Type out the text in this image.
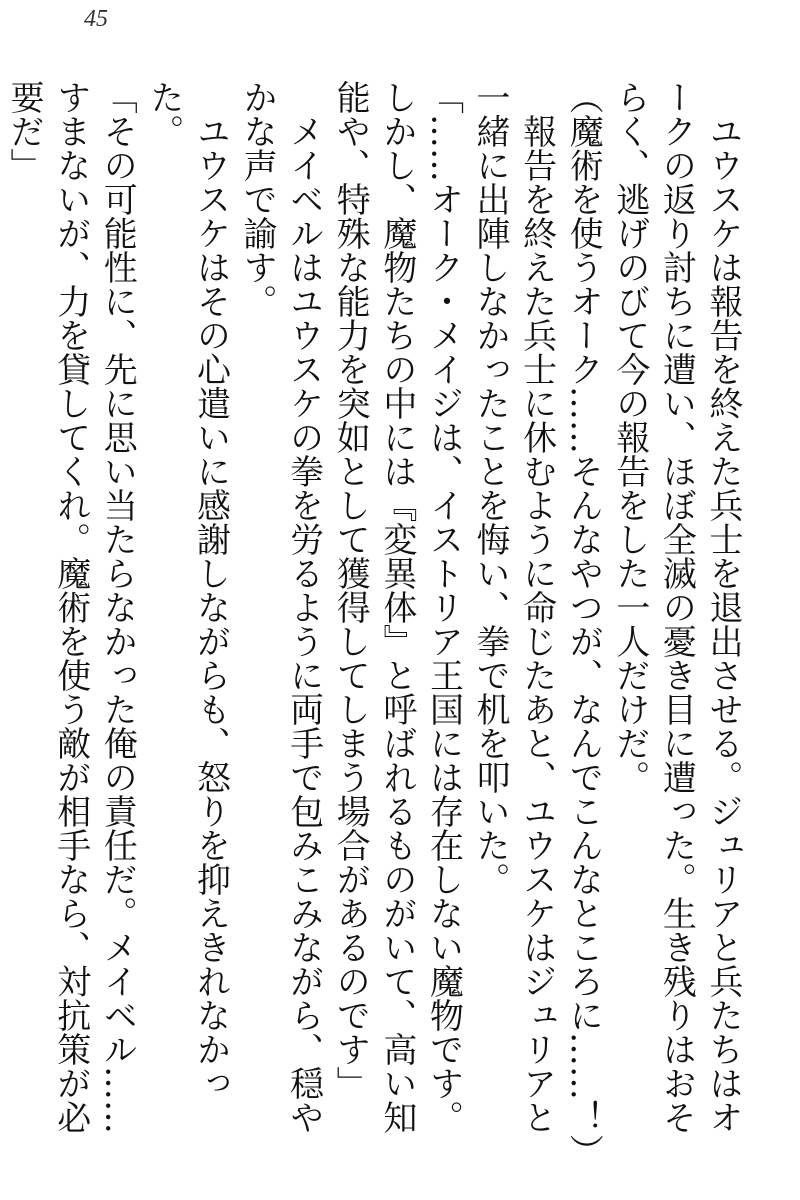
45

　ユウスケは報告を終えた兵士を退出させる。ジュリアと兵たちはオークの返り討ちに遭い、ほぼ全滅の憂き目に遭った。生き残りはおそらく、逃げのびて今の報告をした一人だけだ。

（魔術を使うオーク……そんなやつが、なんでこんなところに……！）

　報告を終えた兵士に休むように命じたあと、ユウスケはジュリアと一緒に出陣しなかったことを悔い、拳で机を叩いた。

「……オーク・メイジは、イストリア王国には存在しない魔物です。しかし、魔物たちの中には『変異体』と呼ばれるものがいて、高い知能や、特殊な能力を突如として獲得してしまう場合があるのです」

　メイベルはユウスケの拳を労るように両手で包みこみながら、穏やかな声で諭す。

　ユウスケはその心遣いに感謝しながらも、怒りを抑えきれなかった。

「その可能性に、先に思い当たらなかった俺の責任だ。メイベル……すまないが、力を貸してくれ。魔術を使う敵が相手なら、対抗策が必要だ」
